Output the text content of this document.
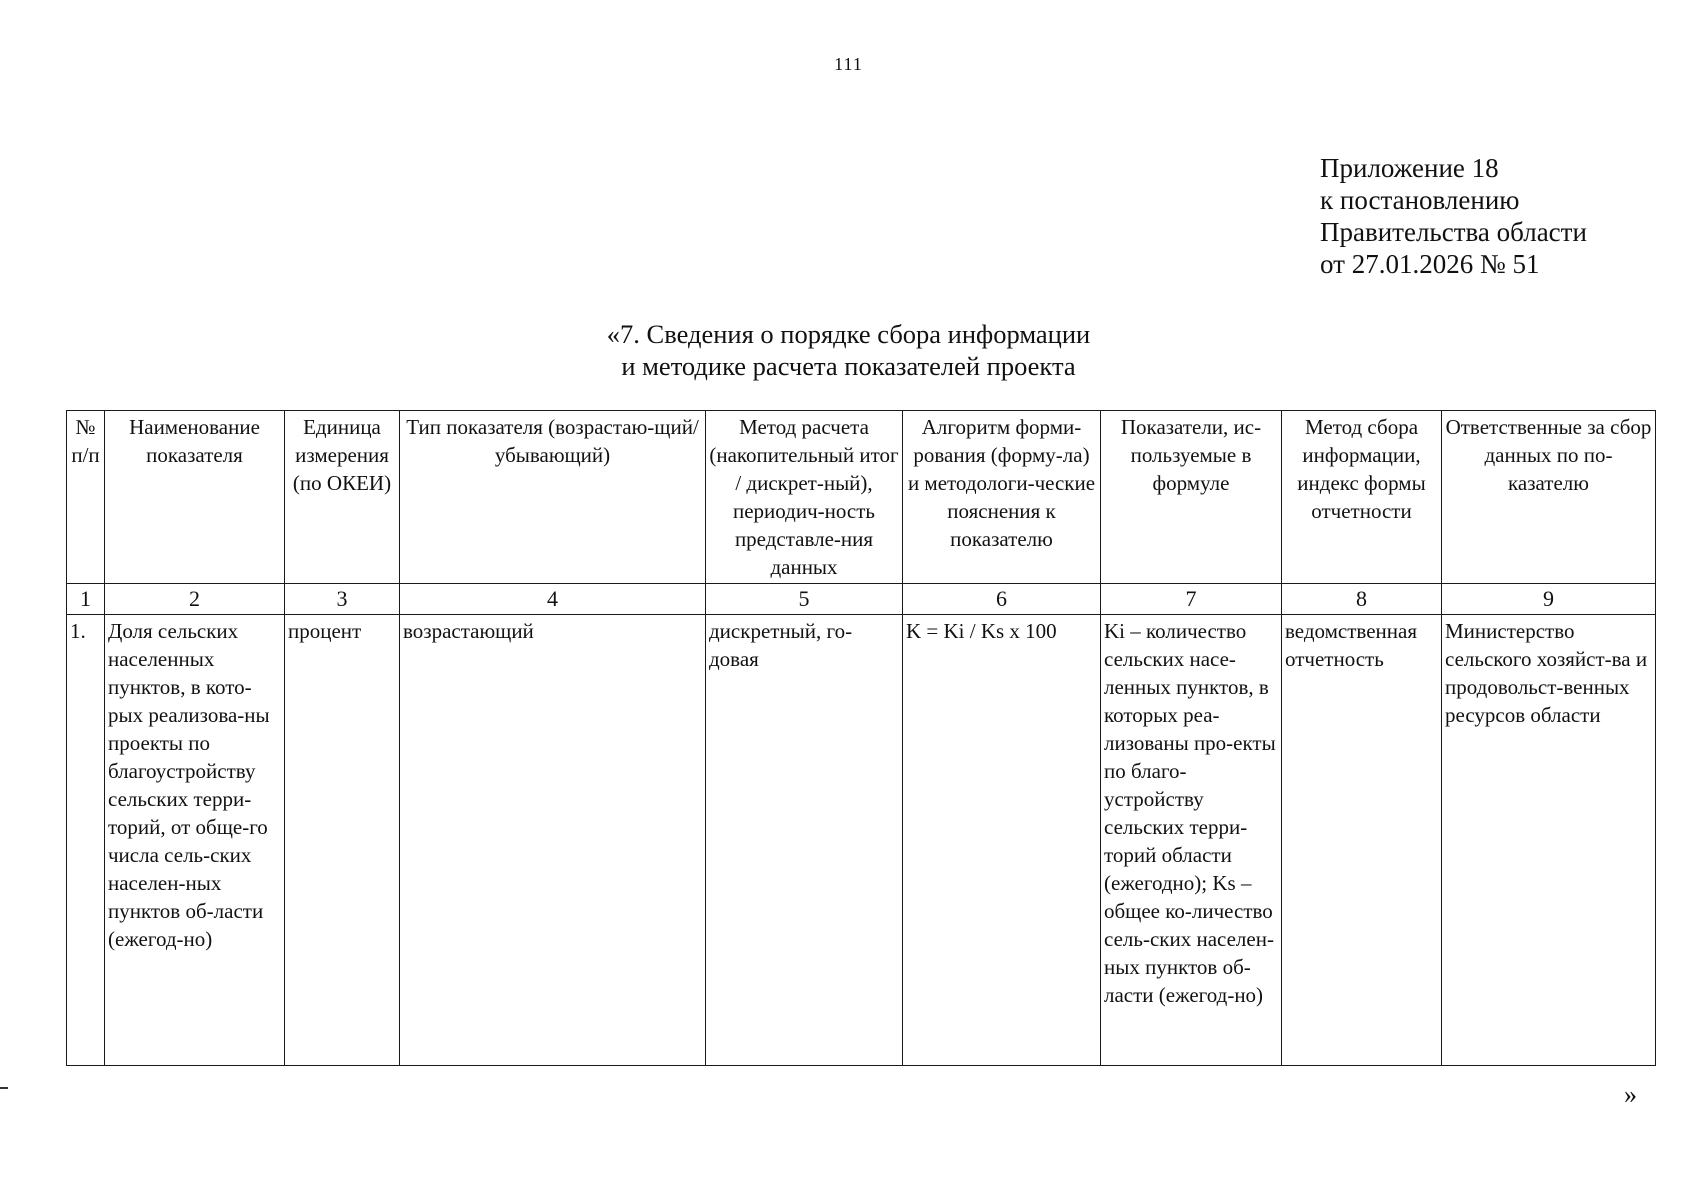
111
Приложение 18
к постановлению
Правительства области
от 27.01.2026 № 51
«7. Сведения о порядке сбора информации
и методике расчета показателей проекта
№ п/п	Наименование показателя	Единица измерения (по ОКЕИ)	Тип показателя (возрастаю-щий/убывающий)	Метод расчета (накопительный итог / дискрет-ный), периодич-ность представле-ния данных	Алгоритм форми-рования (форму-ла) и методологи-ческие пояснения к показателю	Показатели, ис-пользуемые в формуле	Метод сбора информации, индекс формы отчетности	Ответственные за сбор данных по по-казателю
1	2	3	4	5	6	7	8	9
1.	Доля сельских населенных пунктов, в кото-рых реализова-ны проекты по благоустройству сельских терри-торий, от обще-го числа сель-ских населен-ных пунктов об-ласти (ежегод-но)	процент	возрастающий	дискретный, го-довая	K = Ki / Ks x 100	Ki – количество сельских насе-ленных пунктов, в которых реа-лизованы про-екты по благо-устройству сельских терри-торий области (ежегодно); Ks – общее ко-личество сель-ских населен-ных пунктов об-ласти (ежегод-но)	ведомственная отчетность	Министерство сельского хозяйст-ва и продовольст-венных ресурсов области
»
